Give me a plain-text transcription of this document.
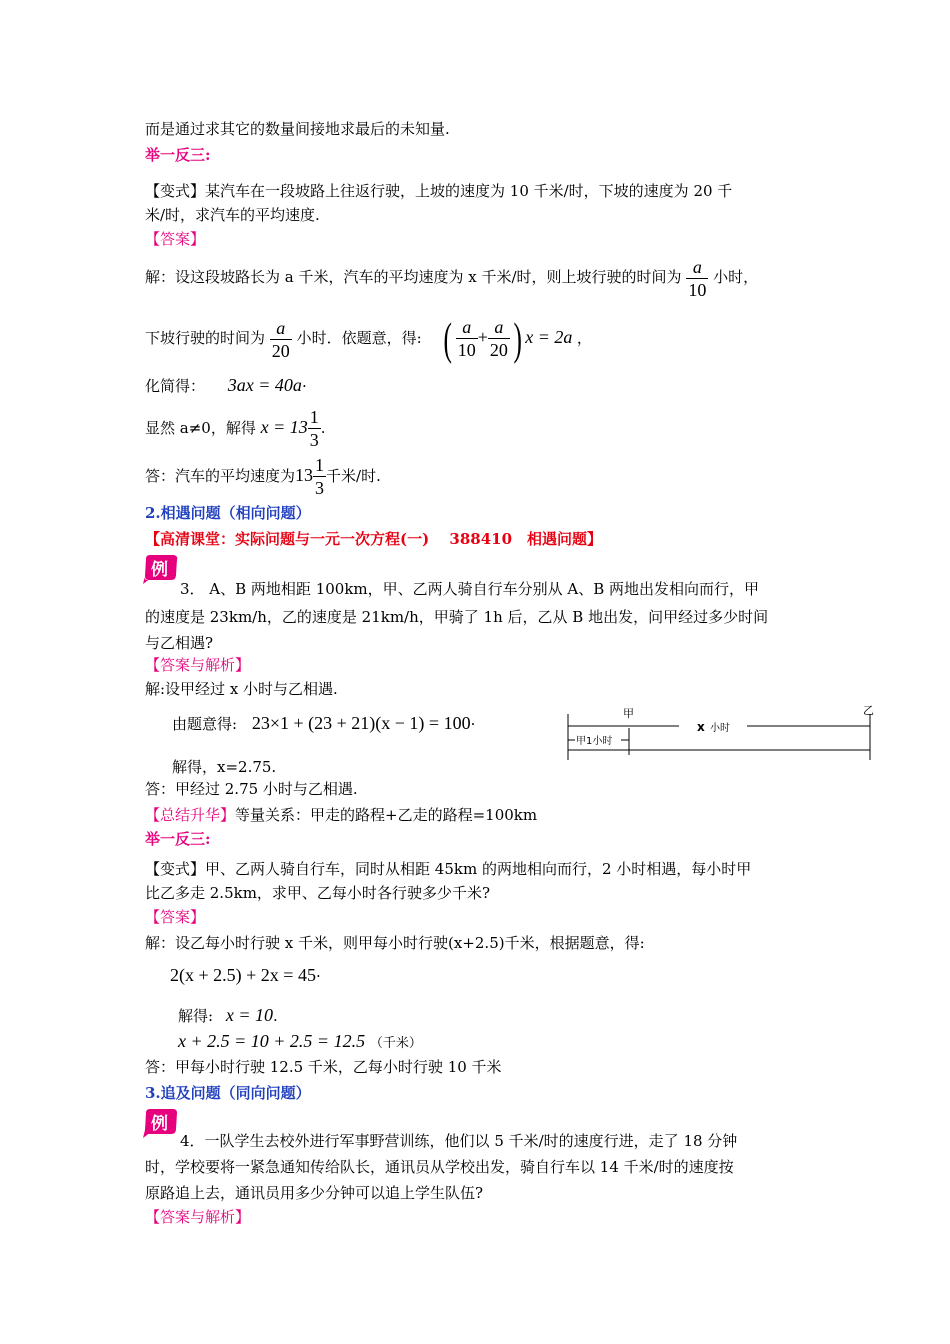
而是通过求其它的数量间接地求最后的未知量.
举一反三:
【变式】某汽车在一段坡路上往返行驶，上坡的速度为 10 千米/时，下坡的速度为 20 千
米/时，求汽车的平均速度.
【答案】
解：设这段坡路长为 a 千米，汽车的平均速度为 x 千米/时，则上坡行驶的时间为 $\frac{a}{10}$ 小时，
下坡行驶的时间为 $\frac{a}{20}$ 小时．依题意，得: ( $\frac{a}{10} + \frac{a}{20}$ ) x = 2a ，
化简得： 3ax = 40a·
显然 a≠0，解得 $x = 13 \frac{1}{3}$ .
答：汽车的平均速度为$13 \frac{1}{3}$ 千米/时.
2.相遇问题（相向问题）
【高清课堂：实际问题与一元一次方程(一)　 388410　相遇问题】
例
3． A、B 两地相距 100km，甲、乙两人骑自行车分别从 A、B 两地出发相向而行，甲
的速度是 23km/h，乙的速度是 21km/h，甲骑了 1h 后，乙从 B 地出发，问甲经过多少时间
与乙相遇?
【答案与解析】
解:设甲经过 x 小时与乙相遇.
由题意得: 23×1 + (23 + 21)(x − 1) = 100·
甲	乙
x 小时
甲1小时
解得，x=2.75.
答：甲经过 2.75 小时与乙相遇.
【总结升华】等量关系：甲走的路程+乙走的路程=100km
举一反三:
【变式】甲、乙两人骑自行车，同时从相距 45km 的两地相向而行，2 小时相遇，每小时甲
比乙多走 2.5km，求甲、乙每小时各行驶多少千米?
【答案】
解：设乙每小时行驶 x 千米，则甲每小时行驶(x+2.5)千米，根据题意，得:
2(x + 2.5) + 2x = 45·
解得: x = 10.
x + 2.5 = 10 + 2.5 = 12.5 （千米）
答：甲每小时行驶 12.5 千米，乙每小时行驶 10 千米
3.追及问题（同向问题）
例
4．一队学生去校外进行军事野营训练，他们以 5 千米/时的速度行进，走了 18 分钟
时，学校要将一紧急通知传给队长，通讯员从学校出发，骑自行车以 14 千米/时的速度按
原路追上去，通讯员用多少分钟可以追上学生队伍?
【答案与解析】
